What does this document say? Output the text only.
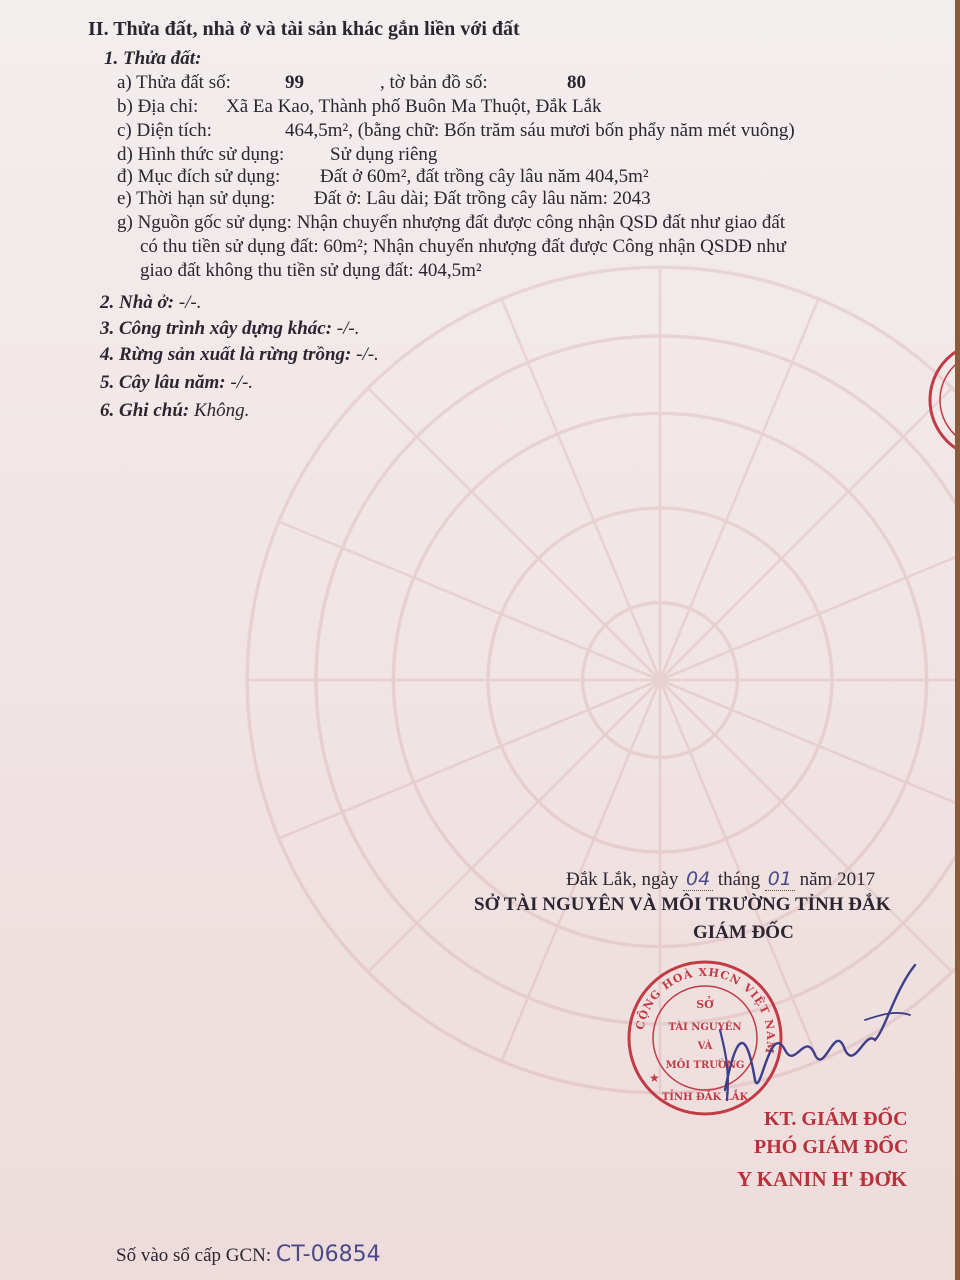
II. Thửa đất, nhà ở và tài sản khác gắn liền với đất
1. Thửa đất:
a) Thửa đất số:	99	, tờ bản đồ số:	80
b) Địa chỉ: Xã Ea Kao, Thành phố Buôn Ma Thuột, Đắk Lắk
c) Diện tích:	464,5m², (bằng chữ: Bốn trăm sáu mươi bốn phẩy năm mét vuông)
d) Hình thức sử dụng: Sử dụng riêng
đ) Mục đích sử dụng: Đất ở 60m², đất trồng cây lâu năm 404,5m²
e) Thời hạn sử dụng: Đất ở: Lâu dài; Đất trồng cây lâu năm: 2043
g) Nguồn gốc sử dụng: Nhận chuyển nhượng đất được công nhận QSD đất như giao đất
có thu tiền sử dụng đất: 60m²; Nhận chuyển nhượng đất được Công nhận QSDĐ như
giao đất không thu tiền sử dụng đất: 404,5m²
2. Nhà ở: -/-.
3. Công trình xây dựng khác: -/-.
4. Rừng sản xuất là rừng trồng: -/-.
5. Cây lâu năm: -/-.
6. Ghi chú: Không.
Đắk Lắk, ngày 04 tháng 01 năm 2017
SỞ TÀI NGUYÊN VÀ MÔI TRƯỜNG TỈNH ĐẮK
GIÁM ĐỐC
CỘNG HOÀ XHCN VIỆT NAM
SỞ
TÀI NGUYÊN
VÀ
MÔI TRƯỜNG
TỈNH ĐẮK LẮK
★
KT. GIÁM ĐỐC
PHÓ GIÁM ĐỐC
Y KANIN H' ĐƠK
Số vào sổ cấp GCN: CT-06854
